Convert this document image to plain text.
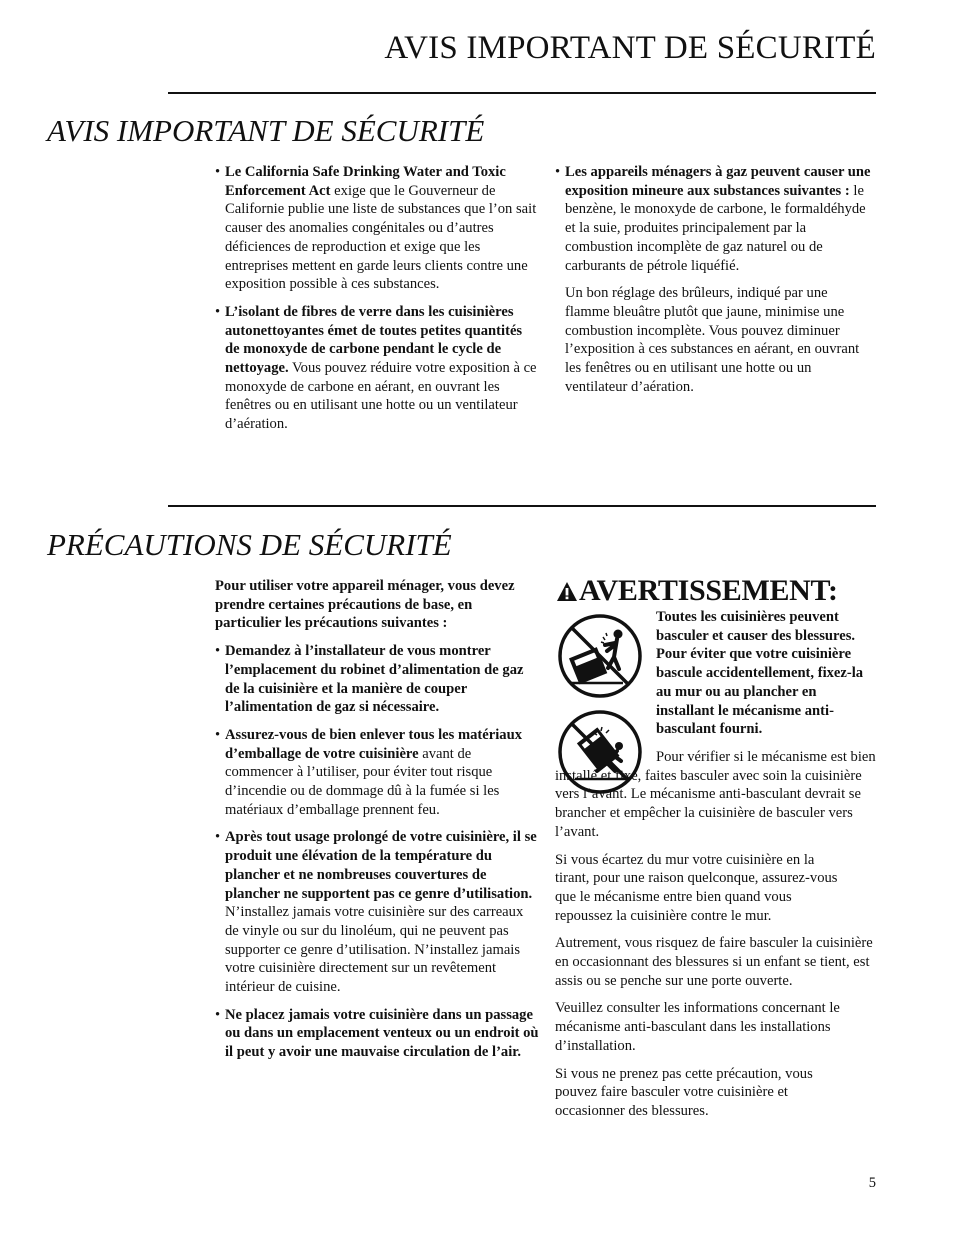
AVIS IMPORTANT DE SÉCURITÉ
AVIS IMPORTANT DE SÉCURITÉ
• Le California Safe Drinking Water and Toxic Enforcement Act exige que le Gouverneur de Californie publie une liste de substances que l’on sait causer des anomalies congénitales ou d’autres déficiences de reproduction et exige que les entreprises mettent en garde leurs clients contre une exposition possible à ces substances.
• L’isolant de fibres de verre dans les cuisinières autonettoyantes émet de toutes petites quantités de monoxyde de carbone pendant le cycle de nettoyage. Vous pouvez réduire votre exposition à ce monoxyde de carbone en aérant, en ouvrant les fenêtres ou en utilisant une hotte ou un ventilateur d’aération.
• Les appareils ménagers à gaz peuvent causer une exposition mineure aux substances suivantes : le benzène, le monoxyde de carbone, le formaldéhyde et la suie, produites principalement par la combustion incomplète de gaz naturel ou de carburants de pétrole liquéfié.

Un bon réglage des brûleurs, indiqué par une flamme bleuâtre plutôt que jaune, minimise une combustion incomplète. Vous pouvez diminuer l’exposition à ces substances en aérant, en ouvrant les fenêtres ou en utilisant une hotte ou un ventilateur d’aération.

PRÉCAUTIONS DE SÉCURITÉ

Pour utiliser votre appareil ménager, vous devez prendre certaines précautions de base, en particulier les précautions suivantes :

• Demandez à l’installateur de vous montrer l’emplacement du robinet d’alimentation de gaz de la cuisinière et la manière de couper l’alimentation de gaz si nécessaire.
• Assurez-vous de bien enlever tous les matériaux d’emballage de votre cuisinière avant de commencer à l’utiliser, pour éviter tout risque d’incendie ou de dommage dû à la fumée si les matériaux d’emballage prennent feu.
• Après tout usage prolongé de votre cuisinière, il se produit une élévation de la température du plancher et ne nombreuses couvertures de plancher ne supportent pas ce genre d’utilisation. N’installez jamais votre cuisinière sur des carreaux de vinyle ou sur du linoléum, qui ne peuvent pas supporter ce genre d’utilisation. N’installez jamais votre cuisinière directement sur un revêtement intérieur de cuisine.
• Ne placez jamais votre cuisinière dans un passage ou dans un emplacement venteux ou un endroit où il peut y avoir une mauvaise circulation de l’air.
AVERTISSEMENT:
Toutes les cuisinières peuvent basculer et causer des blessures. Pour éviter que votre cuisinière bascule accidentellement, fixez-la au mur ou au plancher en installant le mécanisme anti-basculant fourni.

Pour vérifier si le mécanisme est bien installé et fixé, faites basculer avec soin la cuisinière vers l’avant. Le mécanisme anti-basculant devrait se brancher et empêcher la cuisinière de basculer vers l’avant.

Si vous écartez du mur votre cuisinière en la tirant, pour une raison quelconque, assurez-vous que le mécanisme entre bien quand vous repoussez la cuisinière contre le mur.

Autrement, vous risquez de faire basculer la cuisinière en occasionnant des blessures si un enfant se tient, est assis ou se penche sur une porte ouverte.

Veuillez consulter les informations concernant le mécanisme anti-basculant dans les installations d’installation.

Si vous ne prenez pas cette précaution, vous pouvez faire basculer votre cuisinière et occasionner des blessures.

5
